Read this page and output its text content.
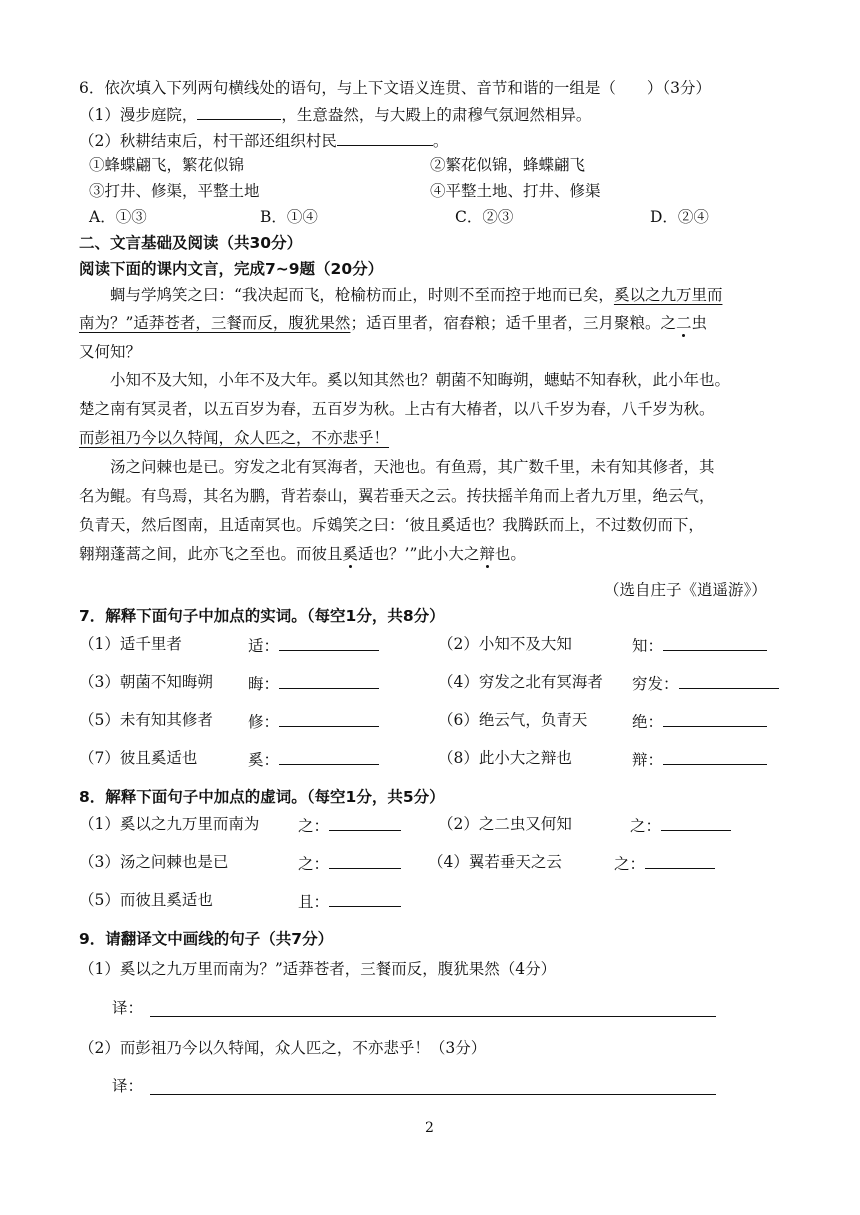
6．依次填入下列两句横线处的语句，与上下文语义连贯、音节和谐的一组是（　　）（3分）
（1）漫步庭院，	，生意盎然，与大殿上的肃穆气氛迥然相异。
（2）秋耕结束后，村干部还组织村民	。
①蜂蝶翩飞，繁花似锦	②繁花似锦，蜂蝶翩飞
③打井、修渠，平整土地	④平整土地、打井、修渠
A．①③	B．①④	C．②③	D．②④
二、文言基础及阅读（共30分）
阅读下面的课内文言，完成7~9题（20分）
蜩与学鸠笑之曰：“我决起而飞，枪榆枋而止，时则不至而控于地而已矣，奚以之九万里而
南为？”适莽苍者，三餐而反，腹犹果然；适百里者，宿舂粮；适千里者，三月聚粮。之二虫
又何知？
小知不及大知，小年不及大年。奚以知其然也？朝菌不知晦朔，蟪蛄不知春秋，此小年也。
楚之南有冥灵者，以五百岁为春，五百岁为秋。上古有大椿者，以八千岁为春，八千岁为秋。
而彭祖乃今以久特闻，众人匹之，不亦悲乎！
汤之问棘也是已。穷发之北有冥海者，天池也。有鱼焉，其广数千里，未有知其修者，其
名为鲲。有鸟焉，其名为鹏，背若泰山，翼若垂天之云。抟扶摇羊角而上者九万里，绝云气，
负青天，然后图南，且适南冥也。斥鴳笑之曰：‘彼且奚适也？我腾跃而上，不过数仞而下，
翱翔蓬蒿之间，此亦飞之至也。而彼且奚适也？’”此小大之辩也。
（选自庄子《逍遥游》）
7．解释下面句子中加点的实词。（每空1分，共8分）
（1）适千里者	适：	（2）小知不及大知	知：
（3）朝菌不知晦朔 晦：	（4）穷发之北有冥海者 穷发：
（5）未有知其修者 修：	（6）绝云气，负青天	绝：
（7）彼且奚适也	奚：	（8）此小大之辩也	辩：
8．解释下面句子中加点的虚词。（每空1分，共5分）
（1）奚以之九万里而南为 之：	（2）之二虫又何知	之：
（3）汤之问棘也是已	之：	（4）翼若垂天之云	之：
（5）而彼且奚适也	且：
9．请翻译文中画线的句子（共7分）
（1）奚以之九万里而南为？”适莽苍者，三餐而反，腹犹果然（4分）
译：
（2）而彭祖乃今以久特闻，众人匹之，不亦悲乎！（3分）
译：
2
